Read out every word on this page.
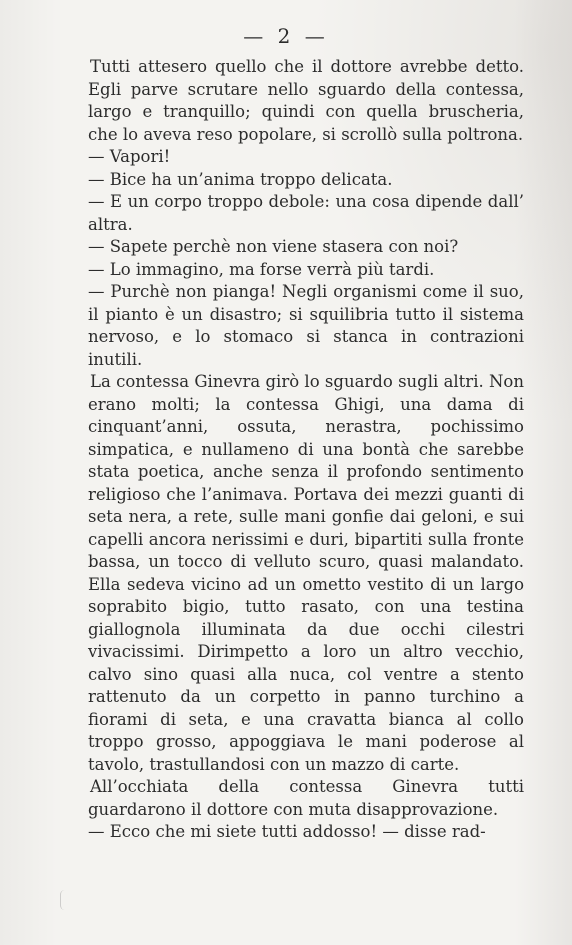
— 2 —

Tutti attesero quello che il dottore avrebbe detto. Egli parve scrutare nello sguardo della contessa, largo e tranquillo; quindi con quella bruscheria, che lo aveva reso popolare, si scrollò sulla poltrona.

— Vapori!

— Bice ha un’anima troppo delicata.

— E un corpo troppo debole: una cosa dipende dall’ altra.

— Sapete perchè non viene stasera con noi?

— Lo immagino, ma forse verrà più tardi.

— Purchè non pianga! Negli organismi come il suo, il pianto è un disastro; si squilibria tutto il sistema nervoso, e lo stomaco si stanca in contrazioni inutili.

La contessa Ginevra girò lo sguardo sugli altri. Non erano molti; la contessa Ghigi, una dama di cinquant’anni, ossuta, nerastra, pochissimo simpatica, e nullameno di una bontà che sarebbe stata poetica, anche senza il profondo sentimento religioso che l’animava. Portava dei mezzi guanti di seta nera, a rete, sulle mani gonfie dai geloni, e sui capelli ancora nerissimi e duri, bipartiti sulla fronte bassa, un tocco di velluto scuro, quasi malandato. Ella sedeva vicino ad un ometto vestito di un largo soprabito bigio, tutto rasato, con una testina giallognola illuminata da due occhi cilestri vivacissimi. Dirimpetto a loro un altro vecchio, calvo sino quasi alla nuca, col ventre a stento rattenuto da un corpetto in panno turchino a fiorami di seta, e una cravatta bianca al collo troppo grosso, appoggiava le mani poderose al tavolo, trastullandosi con un mazzo di carte.

All’occhiata della contessa Ginevra tutti guardarono il dottore con muta disapprovazione.

— Ecco che mi siete tutti addosso! — disse rad-
